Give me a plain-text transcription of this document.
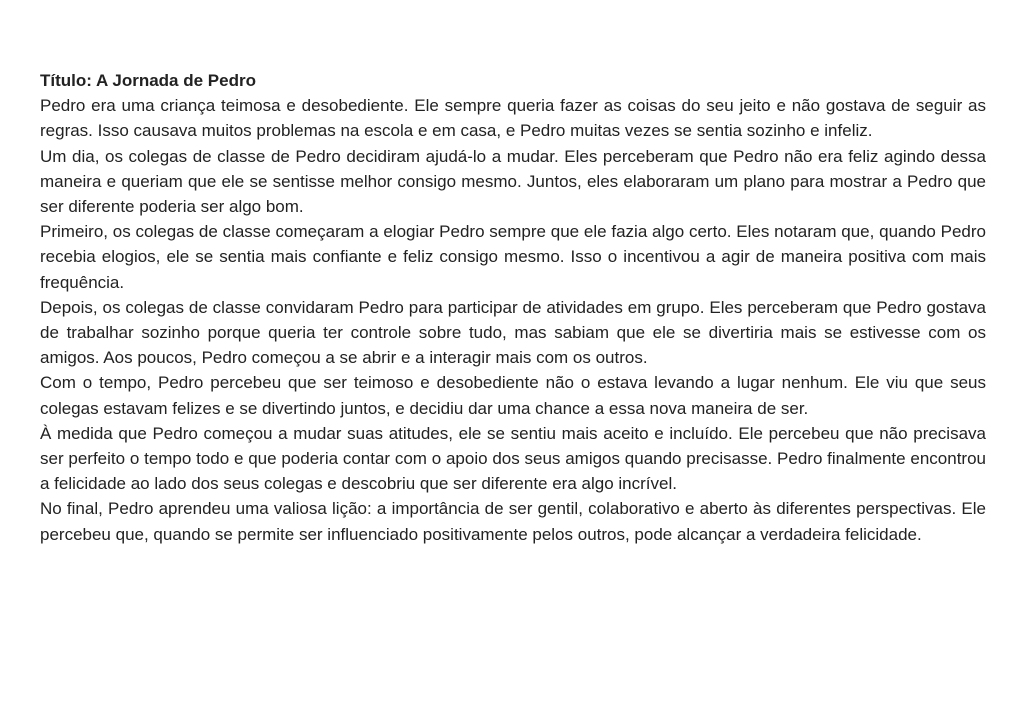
Título: A Jornada de Pedro

Pedro era uma criança teimosa e desobediente. Ele sempre queria fazer as coisas do seu jeito e não gostava de seguir as regras. Isso causava muitos problemas na escola e em casa, e Pedro muitas vezes se sentia sozinho e infeliz.

Um dia, os colegas de classe de Pedro decidiram ajudá-lo a mudar. Eles perceberam que Pedro não era feliz agindo dessa maneira e queriam que ele se sentisse melhor consigo mesmo. Juntos, eles elaboraram um plano para mostrar a Pedro que ser diferente poderia ser algo bom.

Primeiro, os colegas de classe começaram a elogiar Pedro sempre que ele fazia algo certo. Eles notaram que, quando Pedro recebia elogios, ele se sentia mais confiante e feliz consigo mesmo. Isso o incentivou a agir de maneira positiva com mais frequência.

Depois, os colegas de classe convidaram Pedro para participar de atividades em grupo. Eles perceberam que Pedro gostava de trabalhar sozinho porque queria ter controle sobre tudo, mas sabiam que ele se divertiria mais se estivesse com os amigos. Aos poucos, Pedro começou a se abrir e a interagir mais com os outros.

Com o tempo, Pedro percebeu que ser teimoso e desobediente não o estava levando a lugar nenhum. Ele viu que seus colegas estavam felizes e se divertindo juntos, e decidiu dar uma chance a essa nova maneira de ser.

À medida que Pedro começou a mudar suas atitudes, ele se sentiu mais aceito e incluído. Ele percebeu que não precisava ser perfeito o tempo todo e que poderia contar com o apoio dos seus amigos quando precisasse. Pedro finalmente encontrou a felicidade ao lado dos seus colegas e descobriu que ser diferente era algo incrível.

No final, Pedro aprendeu uma valiosa lição: a importância de ser gentil, colaborativo e aberto às diferentes perspectivas. Ele percebeu que, quando se permite ser influenciado positivamente pelos outros, pode alcançar a verdadeira felicidade.
